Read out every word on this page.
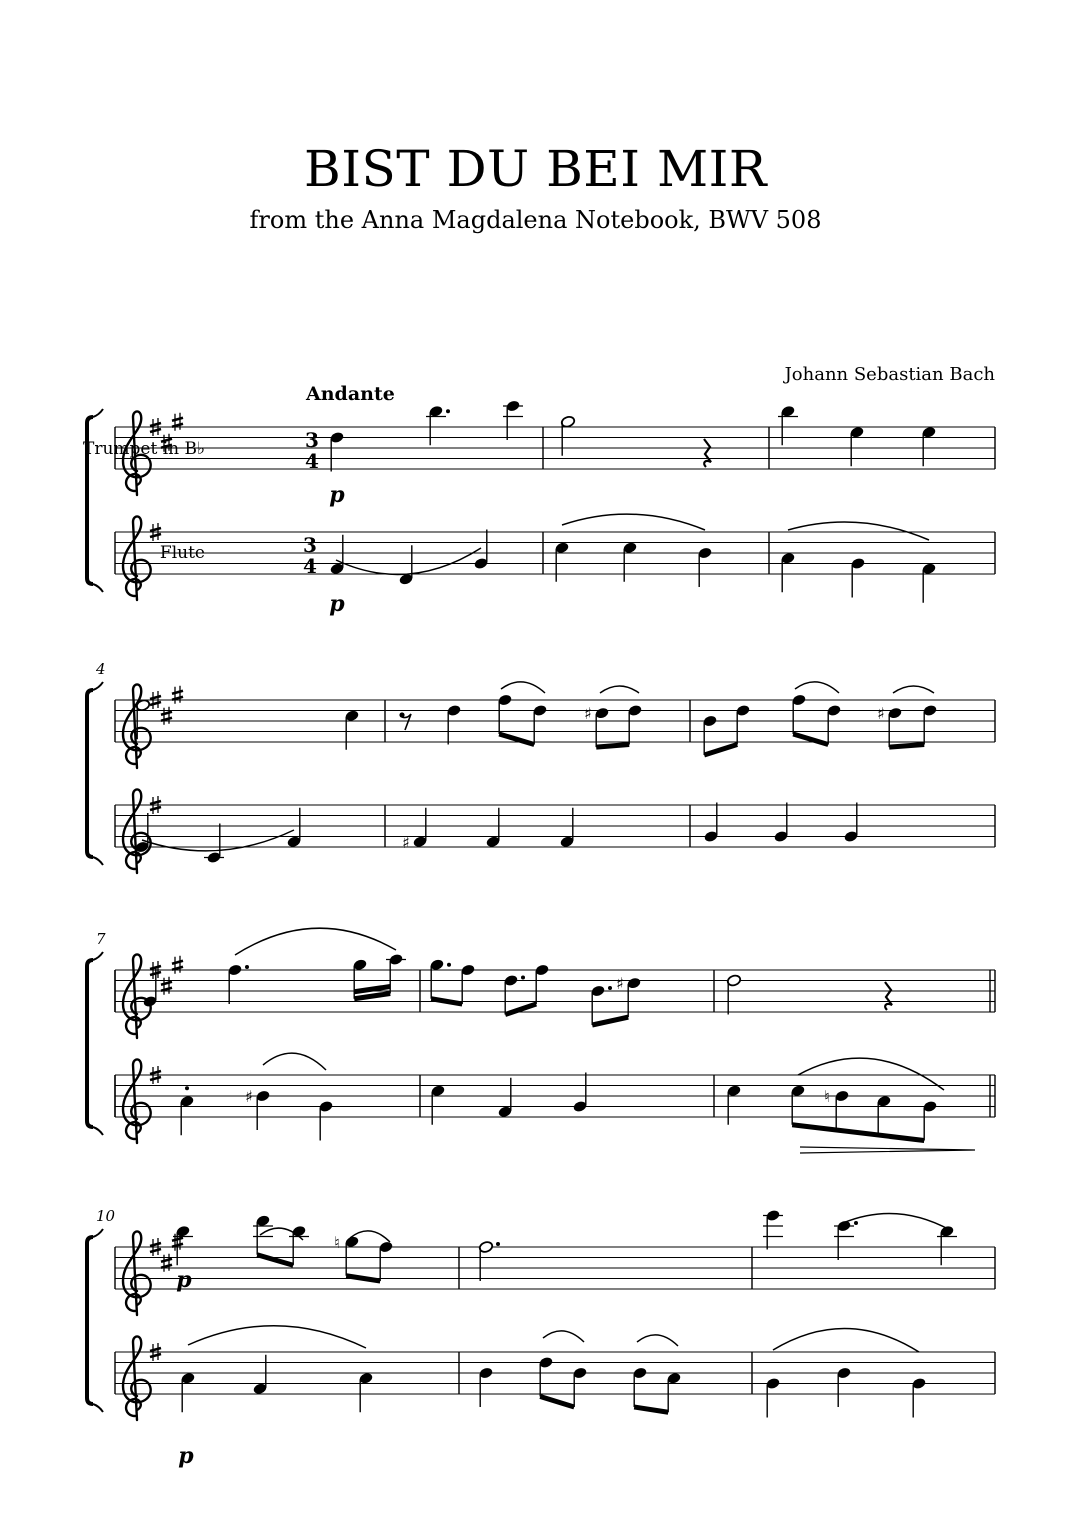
BIST DU BEI MIR
from the Anna Magdalena Notebook, BWV 508
Johann Sebastian Bach
3
4
3
4
Trumpet in B♭
Flute
4
7
10
Andante
p
p
♯	♯
♯
♯
♯	♮
p
♮
p
